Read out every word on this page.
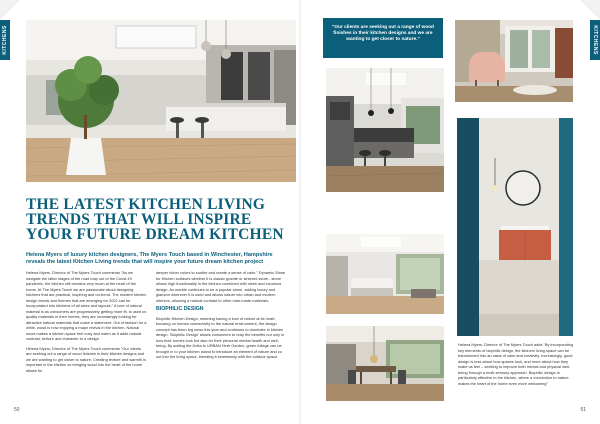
KITCHENS	KITCHENS
THE LATEST KITCHEN LIVING
TRENDS THAT WILL INSPIRE
YOUR FUTURE DREAM KITCHEN
Helena Myers of luxury kitchen designers, The Myers Touch based in Winchester, Hampshire reveals the latest Kitchen Living trends that will inspire your future dream kitchen project

Helena Myers, Director of The Myers Touch comments "As we navigate the latter stages of the road map out of the Covid-19 pandemic, the kitchen still remains very much at the heart of the home. At The Myers Touch we are passionate about designing kitchens that are practical, inspiring and on-trend. The modern kitchen design trends and themes that are emerging for 2022 can be incorporated into kitchens of all sizes and layouts." A love of natural material is as consumers are progressively getting more fit, is used on quality materials in their homes, they are increasingly looking for attractive natural materials that make a statement. Out of fashion for a while, wood is now enjoying a major revival in the kitchen. Natural wood makes a kitchen space feel cosy and warm as it adds natural contrast, texture and character to a design.

Helena Myers, Director of The Myers Touch comments "Our clients are seeking out a range of wood finishes in their kitchen designs and we are wanting to get closer to nature. Creating texture and warmth is important in the kitchen so bringing wood into the heart of the home allows for

deeper richer colors to soothe and create a sense of calm." Dynamic Stone for Kitchen surfaces whether it is classic granite or sintered stone - stone allows high functionality in the kitchen combined with sleek and luxurious design. As marble continues to be a popular stone, adding luxury and glamour wherever it is used and allows nature into urban and modern interiors, allowing a natural contrast to other man-made materials.

BIOPHILIC DESIGN

Biophilic Kitchen Design, meaning having a love of nature at its heart, focusing on human connectivity to the natural environment, the design concept has been big news this year and continues to dominate in kitchen design. 'Biophilic Design' allows consumers to reap the benefits not only in how their homes look but also for their personal mental health and well-being. By adding the Delta to URBAN Herb Garden, green foliage can be brought in to your kitchen island to introduce an element of nature and co out into the living space, blending it seamlessly with the outdoor space.

50
"Our clients are seeking out a range of wood finishes in their kitchen designs and we are wanting to get closer to nature."
Helena Myers, Director of The Myers Touch adds "By incorporating key elements of biophilic design, the kitchen/ living space can be transformed into an oasis of calm and creativity. Increasingly, good design is less about how spaces look, and more about how they make us feel – seeking to improve both mental and physical well-being through a multi-sensory approach. Biophilic design is particularly effective in the kitchen, where a connection to nature makes the heart of the home even more welcoming"
51
